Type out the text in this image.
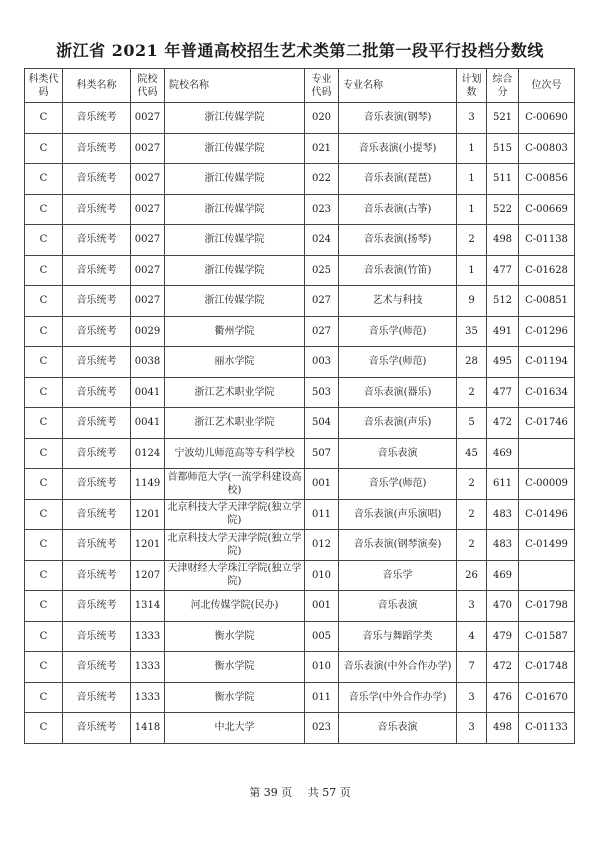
浙江省 2021 年普通高校招生艺术类第二批第一段平行投档分数线
科类代码	科类名称	院校代码	院校名称	专业代码	专业名称	计划数	综合分	位次号
C	音乐统考	0027	浙江传媒学院	020	音乐表演(钢琴)	3	521	C-00690
C	音乐统考	0027	浙江传媒学院	021	音乐表演(小提琴)	1	515	C-00803
C	音乐统考	0027	浙江传媒学院	022	音乐表演(琵琶)	1	511	C-00856
C	音乐统考	0027	浙江传媒学院	023	音乐表演(古筝)	1	522	C-00669
C	音乐统考	0027	浙江传媒学院	024	音乐表演(扬琴)	2	498	C-01138
C	音乐统考	0027	浙江传媒学院	025	音乐表演(竹笛)	1	477	C-01628
C	音乐统考	0027	浙江传媒学院	027	艺术与科技	9	512	C-00851
C	音乐统考	0029	衢州学院	027	音乐学(师范)	35	491	C-01296
C	音乐统考	0038	丽水学院	003	音乐学(师范)	28	495	C-01194
C	音乐统考	0041	浙江艺术职业学院	503	音乐表演(器乐)	2	477	C-01634
C	音乐统考	0041	浙江艺术职业学院	504	音乐表演(声乐)	5	472	C-01746
C	音乐统考	0124	宁波幼儿师范高等专科学校	507	音乐表演	45	469	
C	音乐统考	1149	首都师范大学(一流学科建设高校)	001	音乐学(师范)	2	611	C-00009
C	音乐统考	1201	北京科技大学天津学院(独立学院)	011	音乐表演(声乐演唱)	2	483	C-01496
C	音乐统考	1201	北京科技大学天津学院(独立学院)	012	音乐表演(钢琴演奏)	2	483	C-01499
C	音乐统考	1207	天津财经大学珠江学院(独立学院)	010	音乐学	26	469	
C	音乐统考	1314	河北传媒学院(民办)	001	音乐表演	3	470	C-01798
C	音乐统考	1333	衡水学院	005	音乐与舞蹈学类	4	479	C-01587
C	音乐统考	1333	衡水学院	010	音乐表演(中外合作办学)	7	472	C-01748
C	音乐统考	1333	衡水学院	011	音乐学(中外合作办学)	3	476	C-01670
C	音乐统考	1418	中北大学	023	音乐表演	3	498	C-01133
第 39 页 共 57 页
